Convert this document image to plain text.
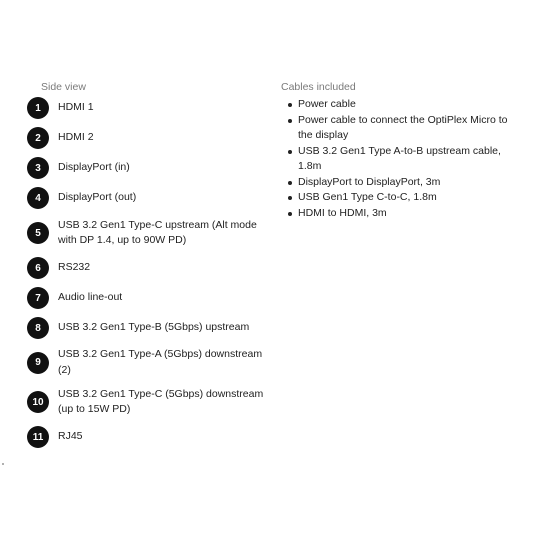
Side view
1	HDMI 1
2	HDMI 2
3	DisplayPort (in)
4	DisplayPort (out)
5
USB 3.2 Gen1 Type-C upstream (Alt mode with DP 1.4, up to 90W PD)
6	RS232
7	Audio line-out
8	USB 3.2 Gen1 Type-B (5Gbps) upstream
9
USB 3.2 Gen1 Type-A (5Gbps) downstream (2)
10
USB 3.2 Gen1 Type-C (5Gbps) downstream (up to 15W PD)
11	RJ45
Cables included
Power cable
Power cable to connect the OptiPlex Micro to the display
USB 3.2 Gen1 Type A-to-B upstream cable, 1.8m
DisplayPort to DisplayPort, 3m
USB Gen1 Type C-to-C, 1.8m
HDMI to HDMI, 3m
